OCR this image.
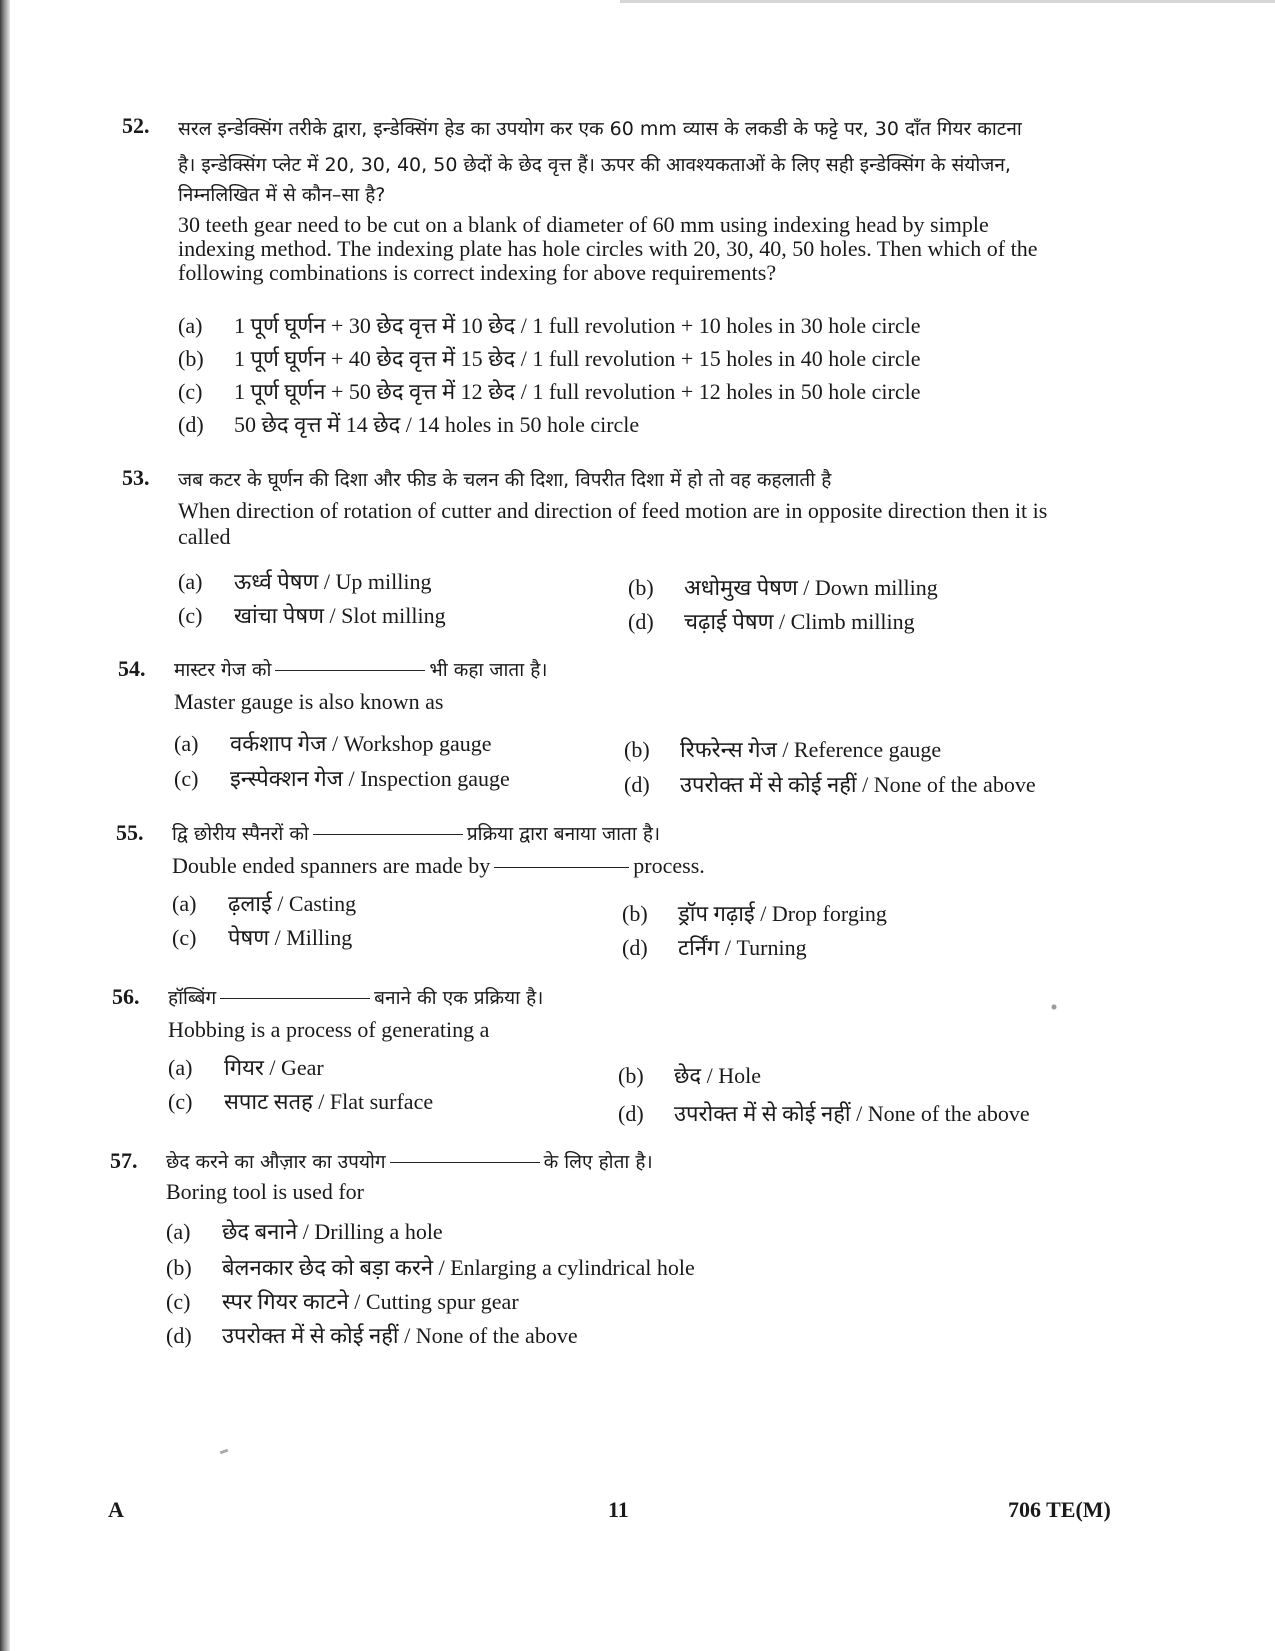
52. सरल इन्डेक्सिंग तरीके द्वारा, इन्डेक्सिंग हेड का उपयोग कर एक 60 mm व्यास के लकडी के फट्टे पर, 30 दाँत गियर काटना
है। इन्डेक्सिंग प्लेट में 20, 30, 40, 50 छेदों के छेद वृत्त हैं। ऊपर की आवश्यकताओं के लिए सही इन्डेक्सिंग के संयोजन,
निम्नलिखित में से कौन–सा है?
30 teeth gear need to be cut on a blank of diameter of 60 mm using indexing head by simple
indexing method. The indexing plate has hole circles with 20, 30, 40, 50 holes. Then which of the
following combinations is correct indexing for above requirements?
(a) 1 पूर्ण घूर्णन + 30 छेद वृत्त में 10 छेद / 1 full revolution + 10 holes in 30 hole circle
(b) 1 पूर्ण घूर्णन + 40 छेद वृत्त में 15 छेद / 1 full revolution + 15 holes in 40 hole circle
(c) 1 पूर्ण घूर्णन + 50 छेद वृत्त में 12 छेद / 1 full revolution + 12 holes in 50 hole circle
(d) 50 छेद वृत्त में 14 छेद / 14 holes in 50 hole circle
53. जब कटर के घूर्णन की दिशा और फीड के चलन की दिशा, विपरीत दिशा में हो तो वह कहलाती है
When direction of rotation of cutter and direction of feed motion are in opposite direction then it is
called
(a) ऊर्ध्व पेषण / Up milling	(b) अधोमुख पेषण / Down milling
(c) खांचा पेषण / Slot milling	(d) चढ़ाई पेषण / Climb milling
54. मास्टर गेज को	भी कहा जाता है।
Master gauge is also known as
(a) वर्कशाप गेज / Workshop gauge	(b) रिफरेन्स गेज / Reference gauge
(c) इन्स्पेक्शन गेज / Inspection gauge	(d) उपरोक्त में से कोई नहीं / None of the above
55. द्वि छोरीय स्पैनरों को	प्रक्रिया द्वारा बनाया जाता है।
Double ended spanners are made by	process.
(a) ढ़लाई / Casting	(b) ड्रॉप गढ़ाई / Drop forging
(c) पेषण / Milling	(d) टर्निंग / Turning
56. हॉब्बिंग	बनाने की एक प्रक्रिया है।
Hobbing is a process of generating a
(a) गियर / Gear	(b) छेद / Hole
(c) सपाट सतह / Flat surface	(d) उपरोक्त में से कोई नहीं / None of the above
57. छेद करने का औज़ार का उपयोग	के लिए होता है।
Boring tool is used for
(a) छेद बनाने / Drilling a hole
(b) बेलनकार छेद को बड़ा करने / Enlarging a cylindrical hole
(c) स्पर गियर काटने / Cutting spur gear
(d) उपरोक्त में से कोई नहीं / None of the above
A	11	706 TE(M)
